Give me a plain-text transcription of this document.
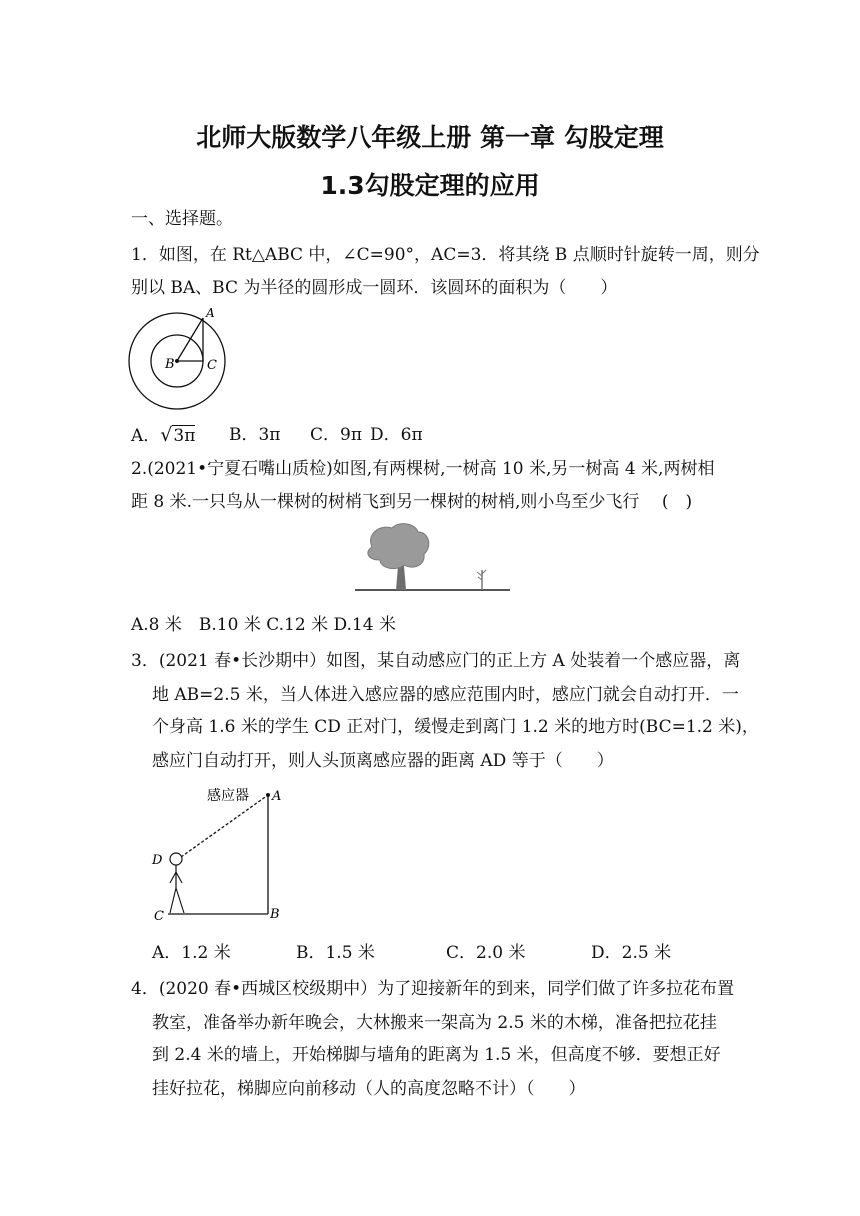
北师大版数学八年级上册 第一章 勾股定理
1.3勾股定理的应用
一、选择题。
1．如图，在 Rt△ABC 中，∠C=90°，AC=3．将其绕 B 点顺时针旋转一周，则分
别以 BA、BC 为半径的圆形成一圆环．该圆环的面积为（　　）
A
B C
A．√3π B．3π C．9π D．6π
2.(2021•宁夏石嘴山质检)如图,有两棵树,一树高 10 米,另一树高 4 米,两树相
距 8 米.一只鸟从一棵树的树梢飞到另一棵树的树梢,则小鸟至少飞行　 (　)
A.8 米　B.10 米 C.12 米 D.14 米
3．(2021 春•长沙期中）如图，某自动感应门的正上方 A 处装着一个感应器，离
地 AB=2.5 米，当人体进入感应器的感应范围内时，感应门就会自动打开．一
个身高 1.6 米的学生 CD 正对门，缓慢走到离门 1.2 米的地方时(BC=1.2 米)，
感应门自动打开，则人头顶离感应器的距离 AD 等于（　　）
感应器 A
B
C
D
A．1.2 米	B．1.5 米	C．2.0 米	D．2.5 米
4．(2020 春•西城区校级期中）为了迎接新年的到来，同学们做了许多拉花布置
教室，准备举办新年晚会，大林搬来一架高为 2.5 米的木梯，准备把拉花挂
到 2.4 米的墙上，开始梯脚与墙角的距离为 1.5 米，但高度不够．要想正好
挂好拉花，梯脚应向前移动（人的高度忽略不计）（　　）
